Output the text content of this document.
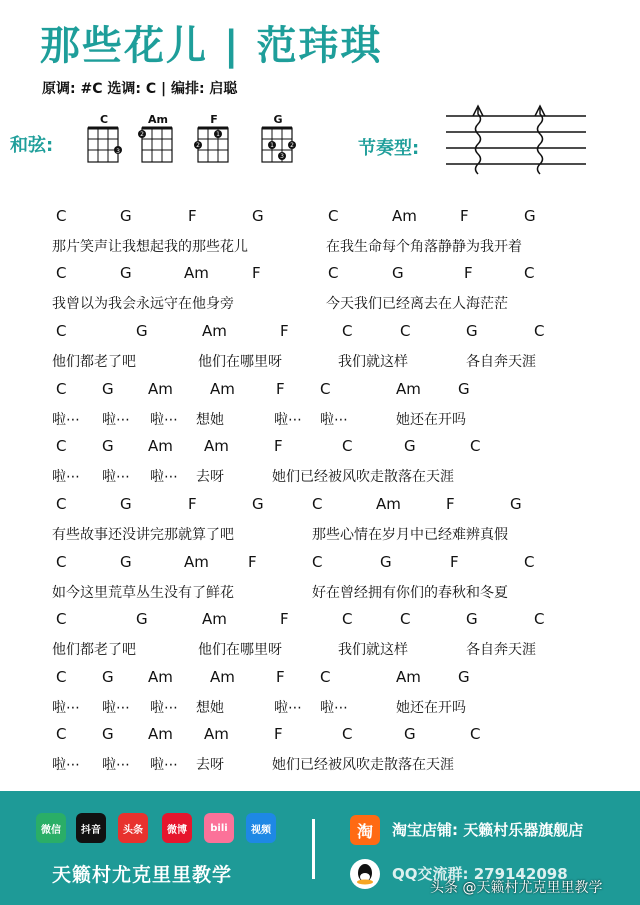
那些花儿 | 范玮琪
原调: #C 选调: C | 编排: 启聪
和弦:
C
3
Am
2
F
1
2
G
1
3
2	节奏型:
C	G	F	G	C	Am	F	G
那片笑声让我想起我的那些花儿	在我生命每个角落静静为我开着
C	G	Am	F	C	G	F	C
我曾以为我会永远守在他身旁	今天我们已经离去在人海茫茫
C	G	Am	F	C	C	G	C
他们都老了吧	他们在哪里呀	我们就这样	各自奔天涯
C G Am Am	F C	Am G
啦⋯ 啦⋯ 啦⋯ 想她	啦⋯ 啦⋯	她还在开吗
C G Am Am	F	C	G	C
啦⋯ 啦⋯ 啦⋯ 去呀	她们已经被风吹走散落在天涯
C	G	F	G	C	Am	F	G
有些故事还没讲完那就算了吧	那些心情在岁月中已经难辨真假
C	G	Am	F	C	G	F	C
如今这里荒草丛生没有了鲜花	好在曾经拥有你们的春秋和冬夏
C	G	Am	F	C	C	G	C
他们都老了吧	他们在哪里呀	我们就这样	各自奔天涯
C G Am Am	F C	Am G
啦⋯ 啦⋯ 啦⋯ 想她	啦⋯ 啦⋯	她还在开吗
C G Am Am	F	C	G	C
啦⋯ 啦⋯ 啦⋯ 去呀	她们已经被风吹走散落在天涯
微信	抖音	头条	微博	bili	视频
天籁村尤克里里教学
淘	淘宝店铺: 天籁村乐器旗舰店
QQ交流群: 279142098
头条 @天籁村尤克里里教学
